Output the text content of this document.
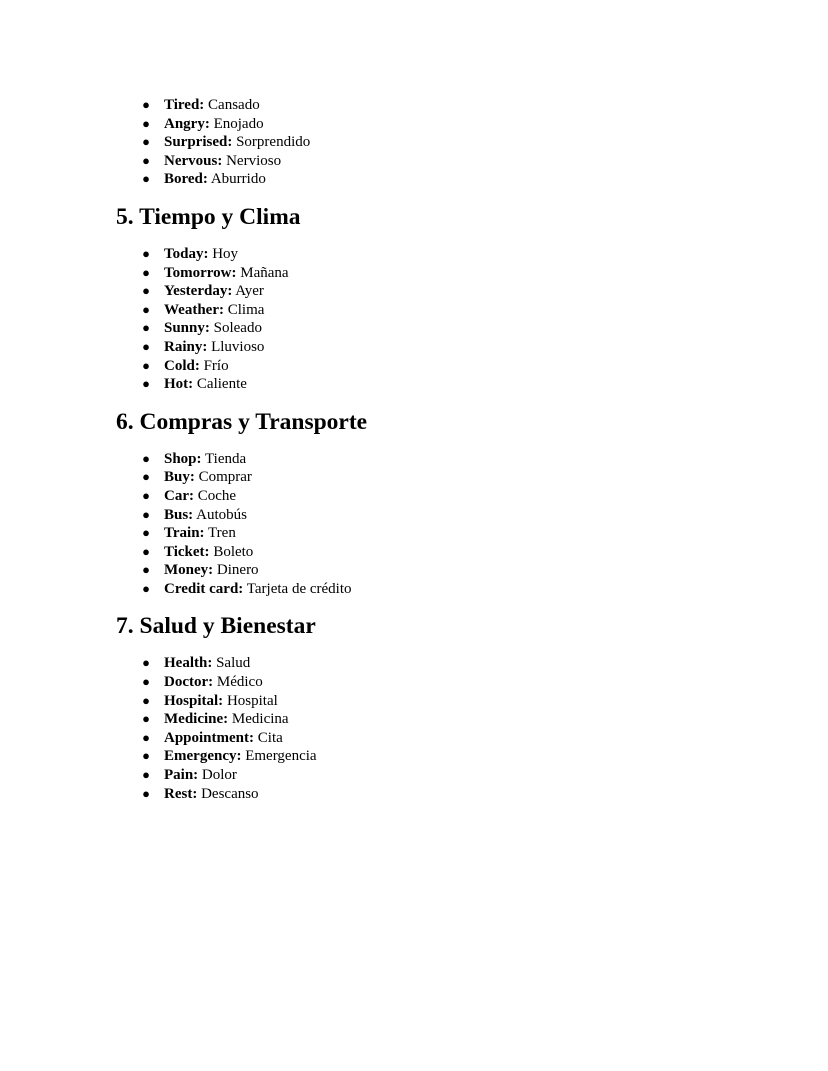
● Tired: Cansado
● Angry: Enojado
● Surprised: Sorprendido
● Nervous: Nervioso
● Bored: Aburrido
5. Tiempo y Clima
● Today: Hoy
● Tomorrow: Mañana
● Yesterday: Ayer
● Weather: Clima
● Sunny: Soleado
● Rainy: Lluvioso
● Cold: Frío
● Hot: Caliente
6. Compras y Transporte
● Shop: Tienda
● Buy: Comprar
● Car: Coche
● Bus: Autobús
● Train: Tren
● Ticket: Boleto
● Money: Dinero
● Credit card: Tarjeta de crédito
7. Salud y Bienestar
● Health: Salud
● Doctor: Médico
● Hospital: Hospital
● Medicine: Medicina
● Appointment: Cita
● Emergency: Emergencia
● Pain: Dolor
● Rest: Descanso
